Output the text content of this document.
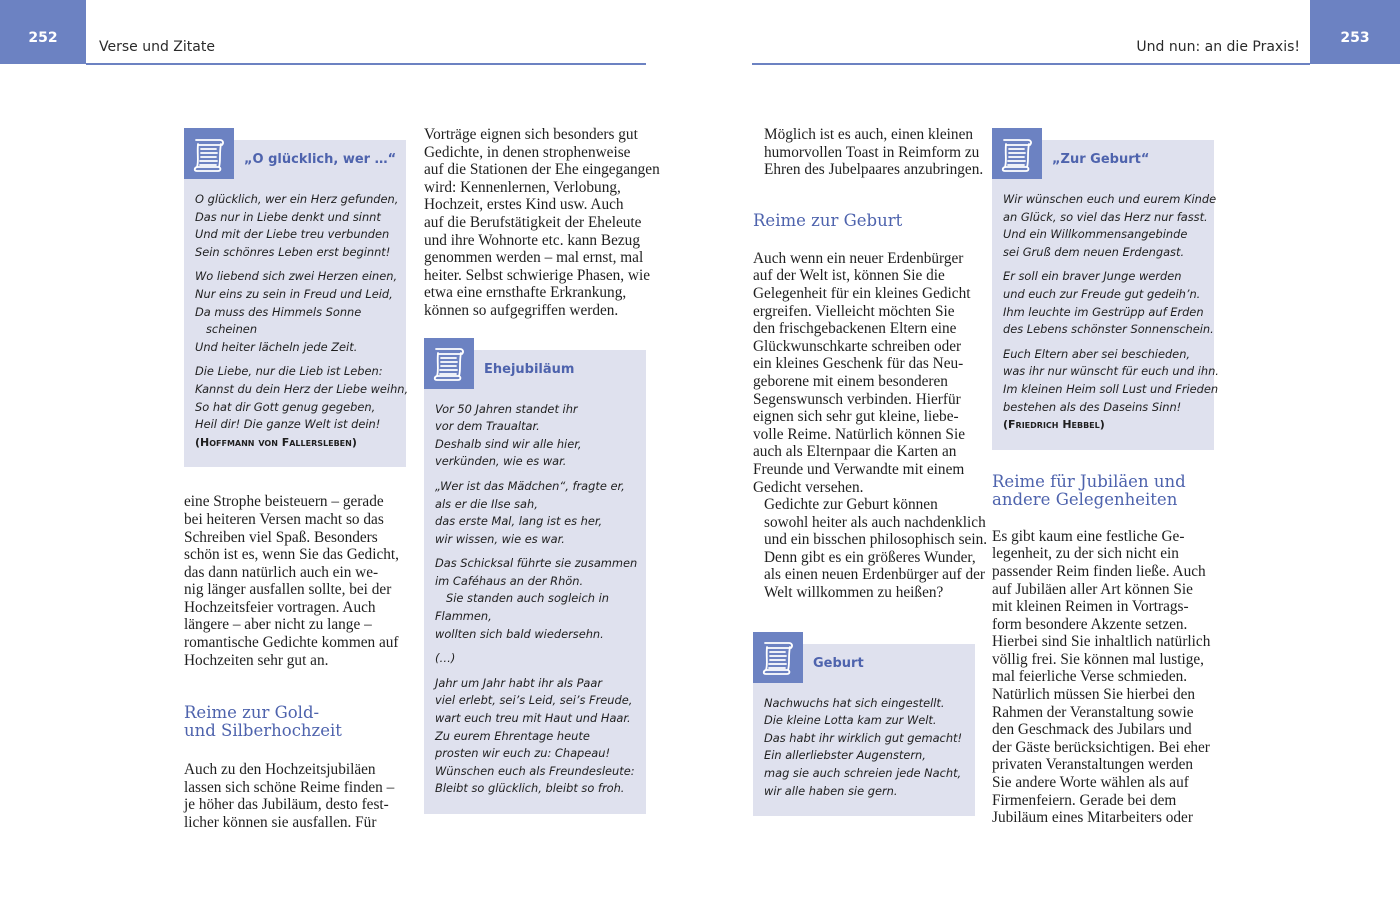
252
Verse und Zitate	Und nun: an die Praxis!
253
„O glücklich, wer …“
O glücklich, wer ein Herz gefunden,
Das nur in Liebe denkt und sinnt
Und mit der Liebe treu verbunden
Sein schönres Leben erst beginnt!
Wo liebend sich zwei Herzen einen,
Nur eins zu sein in Freud und Leid,
Da muss des Himmels Sonne
scheinen
Und heiter lächeln jede Zeit.
Die Liebe, nur die Lieb ist Leben:
Kannst du dein Herz der Liebe weihn,
So hat dir Gott genug gegeben,
Heil dir! Die ganze Welt ist dein!
(Hoffmann von Fallersleben)
eine Strophe beisteuern – gerade
bei heiteren Versen macht so das
Schreiben viel Spaß. Besonders
schön ist es, wenn Sie das Gedicht,
das dann natürlich auch ein we-
nig länger ausfallen sollte, bei der
Hochzeitsfeier vortragen. Auch
längere – aber nicht zu lange –
romantische Gedichte kommen auf
Hochzeiten sehr gut an.
Reime zur Gold-
und Silberhochzeit
Auch zu den Hochzeitsjubiläen
lassen sich schöne Reime finden –
je höher das Jubiläum, desto fest-
licher können sie ausfallen. Für
Vorträge eignen sich besonders gut
Gedichte, in denen strophenweise
auf die Stationen der Ehe eingegangen
wird: Kennenlernen, Verlobung,
Hochzeit, erstes Kind usw. Auch
auf die Berufstätigkeit der Eheleute
und ihre Wohnorte etc. kann Bezug
genommen werden – mal ernst, mal
heiter. Selbst schwierige Phasen, wie
etwa eine ernsthafte Erkrankung,
können so aufgegriffen werden.
Ehejubiläum
Vor 50 Jahren standet ihr
vor dem Traualtar.
Deshalb sind wir alle hier,
verkünden, wie es war.
„Wer ist das Mädchen“, fragte er,
als er die Ilse sah,
das erste Mal, lang ist es her,
wir wissen, wie es war.
Das Schicksal führte sie zusammen
im Caféhaus an der Rhön.
Sie standen auch sogleich in
Flammen,
wollten sich bald wiedersehn.
(…)
Jahr um Jahr habt ihr als Paar
viel erlebt, sei’s Leid, sei’s Freude,
wart euch treu mit Haut und Haar.
Zu eurem Ehrentage heute
prosten wir euch zu: Chapeau!
Wünschen euch als Freundesleute:
Bleibt so glücklich, bleibt so froh.
Möglich ist es auch, einen kleinen
humorvollen Toast in Reimform zu
Ehren des Jubelpaares anzubringen.
Reime zur Geburt
Auch wenn ein neuer Erdenbürger
auf der Welt ist, können Sie die
Gelegenheit für ein kleines Gedicht
ergreifen. Vielleicht möchten Sie
den frischgebackenen Eltern eine
Glückwunschkarte schreiben oder
ein kleines Geschenk für das Neu-
geborene mit einem besonderen
Segenswunsch verbinden. Hierfür
eignen sich sehr gut kleine, liebe-
volle Reime. Natürlich können Sie
auch als Elternpaar die Karten an
Freunde und Verwandte mit einem
Gedicht versehen.
Gedichte zur Geburt können
sowohl heiter als auch nachdenklich
und ein bisschen philosophisch sein.
Denn gibt es ein größeres Wunder,
als einen neuen Erdenbürger auf der
Welt willkommen zu heißen?
Geburt
Nachwuchs hat sich eingestellt.
Die kleine Lotta kam zur Welt.
Das habt ihr wirklich gut gemacht!
Ein allerliebster Augenstern,
mag sie auch schreien jede Nacht,
wir alle haben sie gern.
„Zur Geburt“
Wir wünschen euch und eurem Kinde
an Glück, so viel das Herz nur fasst.
Und ein Willkommensangebinde
sei Gruß dem neuen Erdengast.
Er soll ein braver Junge werden
und euch zur Freude gut gedeih’n.
Ihm leuchte im Gestrüpp auf Erden
des Lebens schönster Sonnenschein.
Euch Eltern aber sei beschieden,
was ihr nur wünscht für euch und ihn.
Im kleinen Heim soll Lust und Frieden
bestehen als des Daseins Sinn!
(Friedrich Hebbel)
Reime für Jubiläen und
andere Gelegenheiten
Es gibt kaum eine festliche Ge-
legenheit, zu der sich nicht ein
passender Reim finden ließe. Auch
auf Jubiläen aller Art können Sie
mit kleinen Reimen in Vortrags-
form besondere Akzente setzen.
Hierbei sind Sie inhaltlich natürlich
völlig frei. Sie können mal lustige,
mal feierliche Verse schmieden.
Natürlich müssen Sie hierbei den
Rahmen der Veranstaltung sowie
den Geschmack des Jubilars und
der Gäste berücksichtigen. Bei eher
privaten Veranstaltungen werden
Sie andere Worte wählen als auf
Firmenfeiern. Gerade bei dem
Jubiläum eines Mitarbeiters oder
